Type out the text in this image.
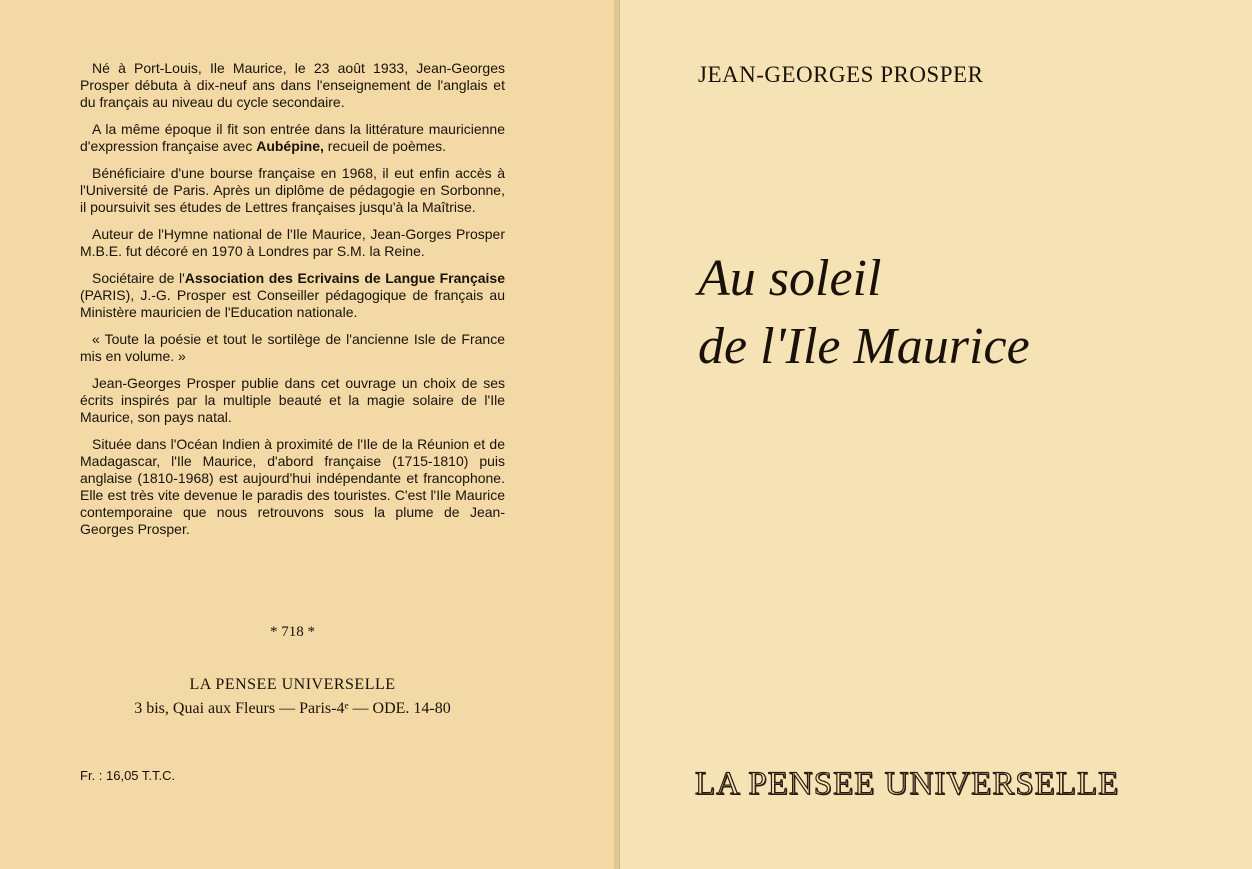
Né à Port-Louis, Ile Maurice, le 23 août 1933, Jean-Georges Prosper débuta à dix-neuf ans dans l'enseignement de l'anglais et du français au niveau du cycle secondaire.

A la même époque il fit son entrée dans la littérature mauricienne d'expression française avec Aubépine, recueil de poèmes.

Bénéficiaire d'une bourse française en 1968, il eut enfin accès à l'Université de Paris. Après un diplôme de pédagogie en Sorbonne, il poursuivit ses études de Lettres françaises jusqu'à la Maîtrise.

Auteur de l'Hymne national de l'Ile Maurice, Jean-Gorges Prosper M.B.E. fut décoré en 1970 à Londres par S.M. la Reine.

Sociétaire de l'Association des Ecrivains de Langue Française (PARIS), J.-G. Prosper est Conseiller pédagogique de français au Ministère mauricien de l'Education nationale.

« Toute la poésie et tout le sortilège de l'ancienne Isle de France mis en volume. »

Jean-Georges Prosper publie dans cet ouvrage un choix de ses écrits inspirés par la multiple beauté et la magie solaire de l'Ile Maurice, son pays natal.

Située dans l'Océan Indien à proximité de l'Ile de la Réunion et de Madagascar, l'Ile Maurice, d'abord française (1715-1810) puis anglaise (1810-1968) est aujourd'hui indépendante et francophone. Elle est très vite devenue le paradis des touristes. C'est l'Ile Maurice contemporaine que nous retrouvons sous la plume de Jean-Georges Prosper.

* 718 *
LA PENSEE UNIVERSELLE
3 bis, Quai aux Fleurs — Paris-4ᵉ — ODE. 14-80
Fr. : 16,05 T.T.C.
JEAN-GEORGES PROSPER
Au soleil
de l'Ile Maurice
LA PENSEE UNIVERSELLE
